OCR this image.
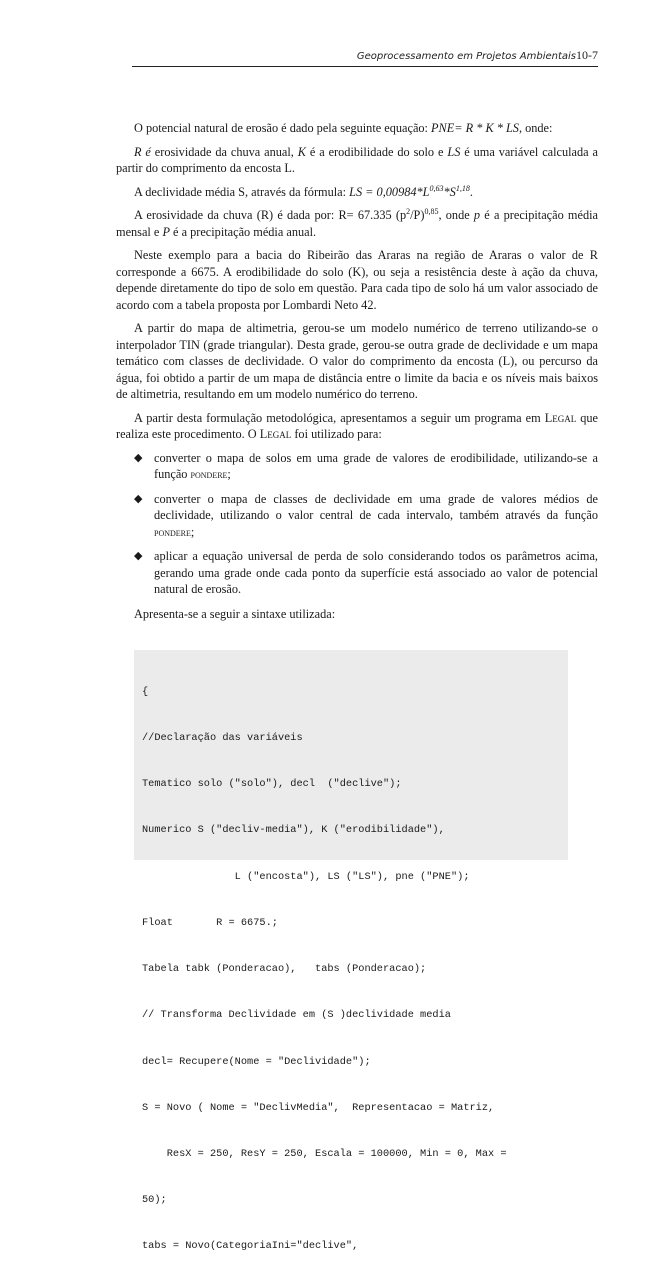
Geoprocessamento em Projetos Ambientais10-7

O potencial natural de erosão é dado pela seguinte equação: PNE= R * K * LS, onde:

R é erosividade da chuva anual, K é a erodibilidade do solo e LS é uma variável calculada a partir do comprimento da encosta L.

A declividade média S, através da fórmula: LS = $0,00984*L^{0,63}*S^{1,18}$.

A erosividade da chuva (R) é dada por: R= 67.335 $(p^2/P)^{0,85}$, onde p é a precipitação média mensal e P é a precipitação média anual.

Neste exemplo para a bacia do Ribeirão das Araras na região de Araras o valor de R corresponde a 6675. A erodibilidade do solo (K), ou seja a resistência deste à ação da chuva, depende diretamente do tipo de solo em questão. Para cada tipo de solo há um valor associado de acordo com a tabela proposta por Lombardi Neto 42.

A partir do mapa de altimetria, gerou-se um modelo numérico de terreno utilizando-se o interpolador TIN (grade triangular). Desta grade, gerou-se outra grade de declividade e um mapa temático com classes de declividade. O valor do comprimento da encosta (L), ou percurso da água, foi obtido a partir de um mapa de distância entre o limite da bacia e os níveis mais baixos de altimetria, resultando em um modelo numérico do terreno.

A partir desta formulação metodológica, apresentamos a seguir um programa em Legal que realiza este procedimento. O Legal foi utilizado para:

◆ converter o mapa de solos em uma grade de valores de erodibilidade, utilizando-se a função pondere;
◆ converter o mapa de classes de declividade em uma grade de valores médios de declividade, utilizando o valor central de cada intervalo, também através da função pondere;
◆ aplicar a equação universal de perda de solo considerando todos os parâmetros acima, gerando uma grade onde cada ponto da superfície está associado ao valor de potencial natural de erosão.

Apresenta-se a seguir a sintaxe utilizada:

{

//Declaração das variáveis

Tematico solo ("solo"), decl  ("declive");

Numerico S ("decliv-media"), K ("erodibilidade"),

L ("encosta"), LS ("LS"), pne ("PNE");

Float       R = 6675.;

Tabela tabk (Ponderacao),   tabs (Ponderacao);

// Transforma Declividade em (S )declividade media

decl= Recupere(Nome = "Declividade");

S = Novo ( Nome = "DeclivMedia",  Representacao = Matriz,

ResX = 250, ResY = 250, Escala = 100000, Min = 0, Max =

50);

tabs = Novo(CategoriaIni="declive",
